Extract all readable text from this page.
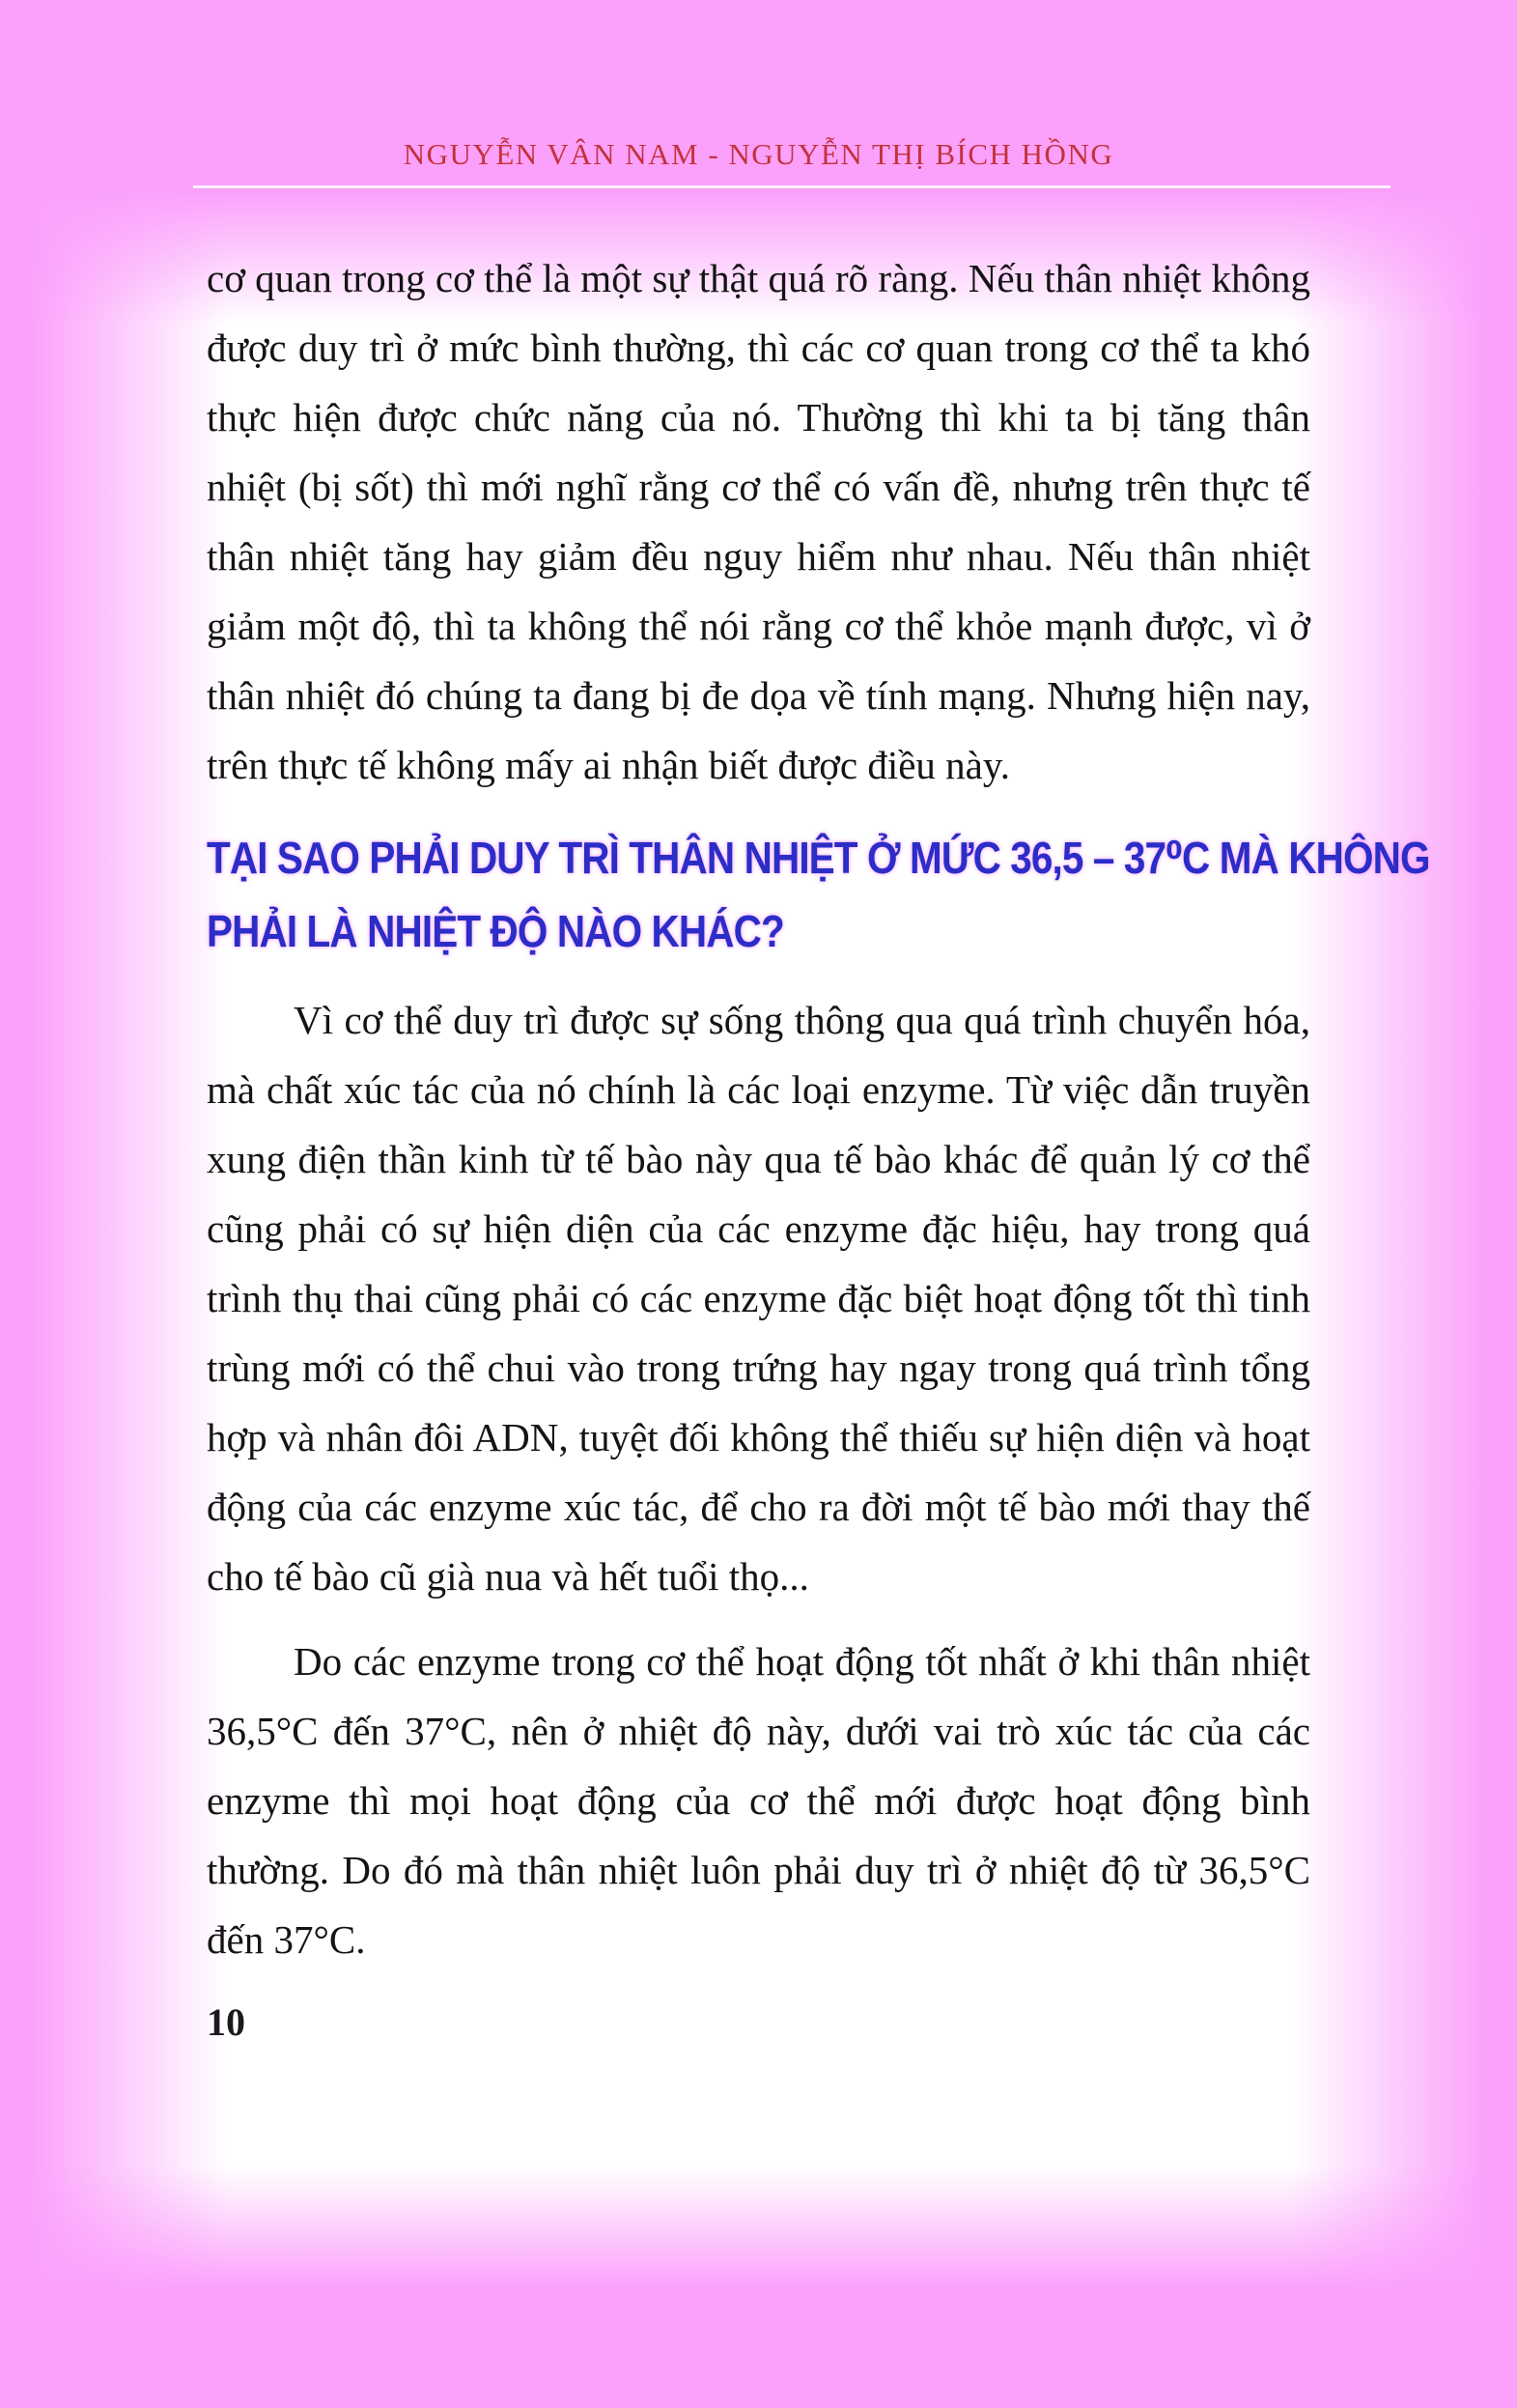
NGUYỄN VÂN NAM - NGUYỄN THỊ BÍCH HỒNG

cơ quan trong cơ thể là một sự thật quá rõ ràng. Nếu thân nhiệt không được duy trì ở mức bình thường, thì các cơ quan trong cơ thể ta khó thực hiện được chức năng của nó. Thường thì khi ta bị tăng thân nhiệt (bị sốt) thì mới nghĩ rằng cơ thể có vấn đề, nhưng trên thực tế thân nhiệt tăng hay giảm đều nguy hiểm như nhau. Nếu thân nhiệt giảm một độ, thì ta không thể nói rằng cơ thể khỏe mạnh được, vì ở thân nhiệt đó chúng ta đang bị đe dọa về tính mạng. Nhưng hiện nay, trên thực tế không mấy ai nhận biết được điều này.

TẠI SAO PHẢI DUY TRÌ THÂN NHIỆT Ở MỨC 36,5 – 37⁰C MÀ KHÔNG
PHẢI LÀ NHIỆT ĐỘ NÀO KHÁC?

Vì cơ thể duy trì được sự sống thông qua quá trình chuyển hóa, mà chất xúc tác của nó chính là các loại enzyme. Từ việc dẫn truyền xung điện thần kinh từ tế bào này qua tế bào khác để quản lý cơ thể cũng phải có sự hiện diện của các enzyme đặc hiệu, hay trong quá trình thụ thai cũng phải có các enzyme đặc biệt hoạt động tốt thì tinh trùng mới có thể chui vào trong trứng hay ngay trong quá trình tổng hợp và nhân đôi ADN, tuyệt đối không thể thiếu sự hiện diện và hoạt động của các enzyme xúc tác, để cho ra đời một tế bào mới thay thế cho tế bào cũ già nua và hết tuổi thọ...

Do các enzyme trong cơ thể hoạt động tốt nhất ở khi thân nhiệt 36,5°C đến 37°C, nên ở nhiệt độ này, dưới vai trò xúc tác của các enzyme thì mọi hoạt động của cơ thể mới được hoạt động bình thường. Do đó mà thân nhiệt luôn phải duy trì ở nhiệt độ từ 36,5°C đến 37°C.

10
